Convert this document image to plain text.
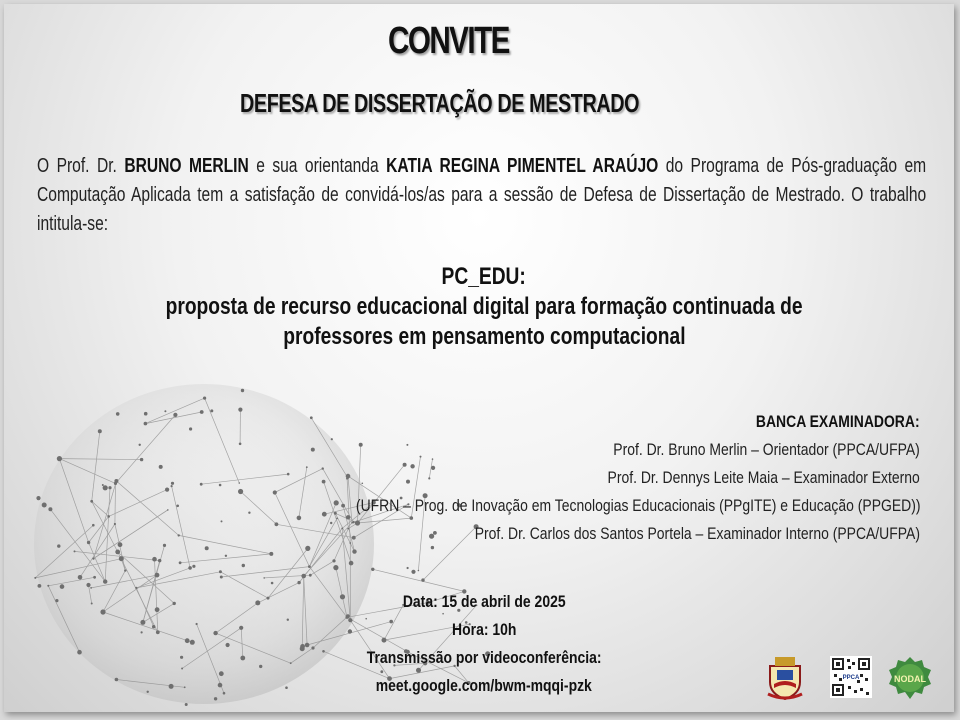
CONVITE
DEFESA DE DISSERTAÇÃO DE MESTRADO
O Prof. Dr. BRUNO MERLIN e sua orientanda KATIA REGINA PIMENTEL ARAÚJO do Programa de Pós-graduação em Computação Aplicada tem a satisfação de convidá-los/as para a sessão de Defesa de Dissertação de Mestrado. O trabalho intitula-se:
PC_EDU:
proposta de recurso educacional digital para formação continuada de
professores em pensamento computacional
BANCA EXAMINADORA:
Prof. Dr. Bruno Merlin – Orientador (PPCA/UFPA)
Prof. Dr. Dennys Leite Maia – Examinador Externo
(UFRN – Prog. de Inovação em Tecnologias Educacionais (PPgITE) e Educação (PPGED))
Prof. Dr. Carlos dos Santos Portela – Examinador Interno (PPCA/UFPA)
Data: 15 de abril de 2025
Hora: 10h
Transmissão por videoconferência:
meet.google.com/bwm-mqqi-pzk	PPCA	NODAL
